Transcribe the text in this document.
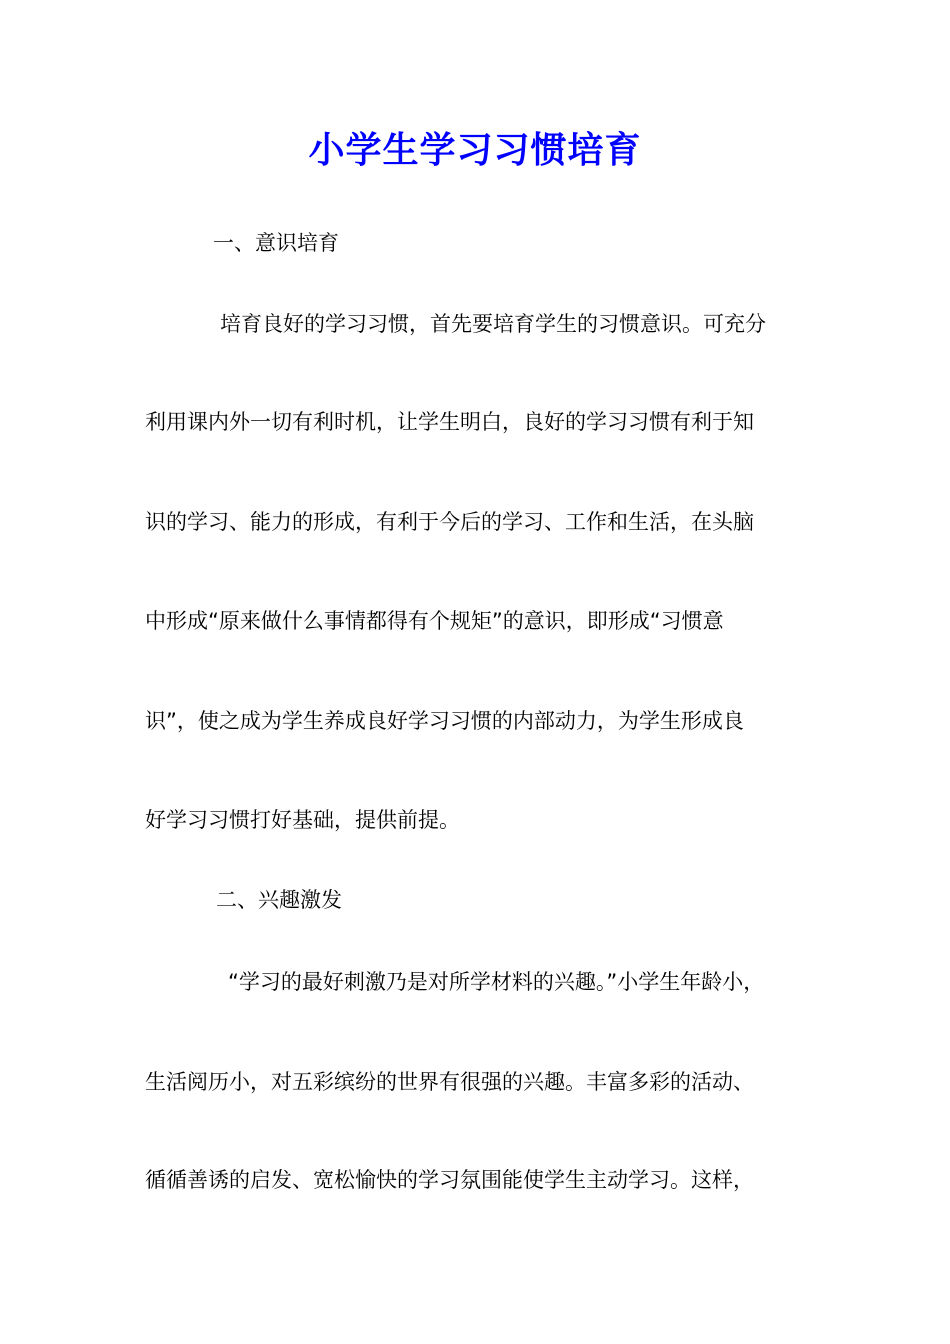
小学生学习习惯培育
一、意识培育
培育良好的学习习惯，首先要培育学生的习惯意识。可充分
利用课内外一切有利时机，让学生明白，良好的学习习惯有利于知
识的学习、能力的形成，有利于今后的学习、工作和生活，在头脑
中形成“原来做什么事情都得有个规矩”的意识，即形成“习惯意
识”，使之成为学生养成良好学习习惯的内部动力，为学生形成良
好学习习惯打好基础，提供前提。
二、兴趣激发
“学习的最好刺激乃是对所学材料的兴趣。”小学生年龄小，
生活阅历小，对五彩缤纷的世界有很强的兴趣。丰富多彩的活动、
循循善诱的启发、宽松愉快的学习氛围能使学生主动学习。这样，
